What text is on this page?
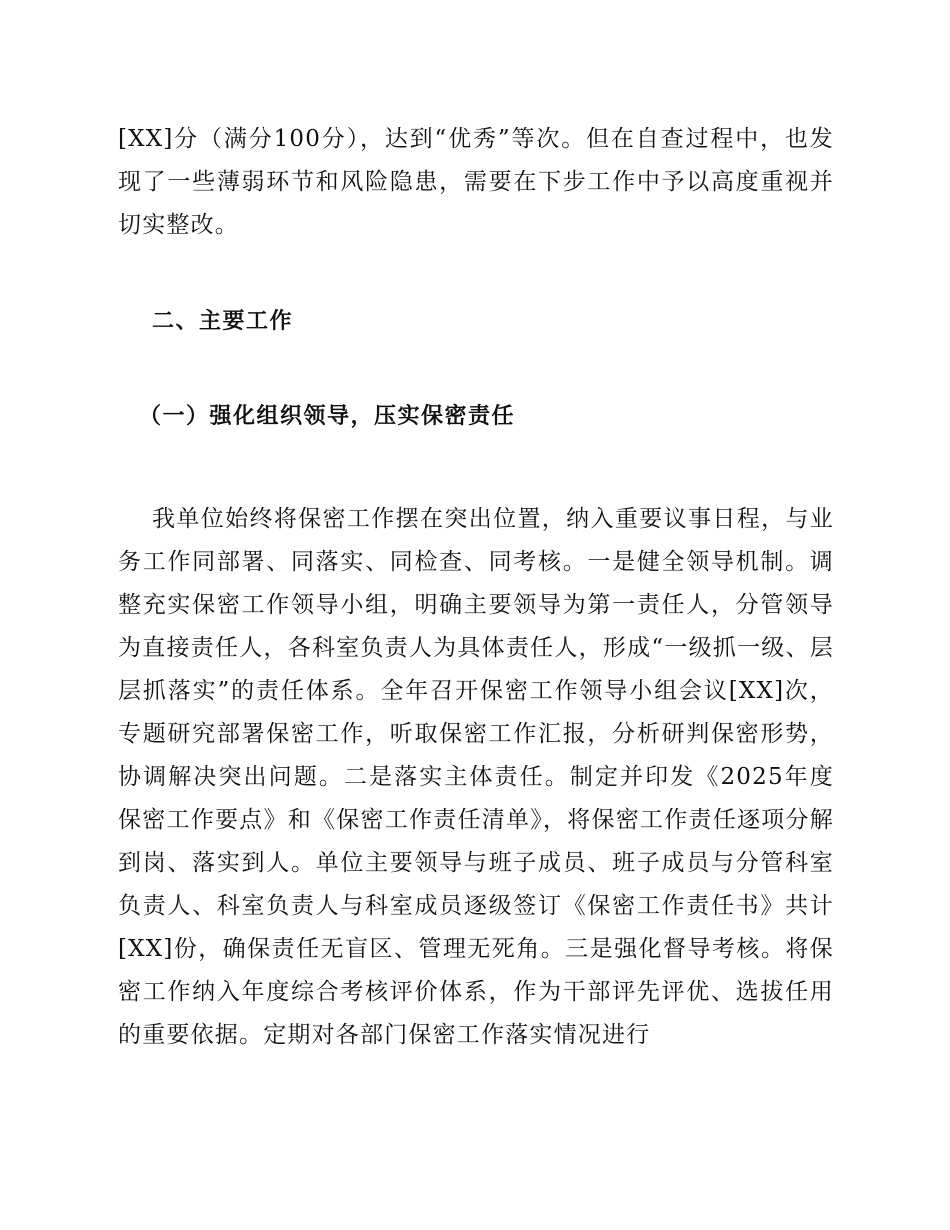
[XX]分（满分100分），达到“优秀”等次。但在自查过程中，也发现了一些薄弱环节和风险隐患，需要在下步工作中予以高度重视并切实整改。

二、主要工作
（一）强化组织领导，压实保密责任

我单位始终将保密工作摆在突出位置，纳入重要议事日程，与业务工作同部署、同落实、同检查、同考核。一是健全领导机制。调整充实保密工作领导小组，明确主要领导为第一责任人，分管领导为直接责任人，各科室负责人为具体责任人，形成“一级抓一级、层层抓落实”的责任体系。全年召开保密工作领导小组会议[XX]次，专题研究部署保密工作，听取保密工作汇报，分析研判保密形势，协调解决突出问题。二是落实主体责任。制定并印发《2025年度保密工作要点》和《保密工作责任清单》，将保密工作责任逐项分解到岗、落实到人。单位主要领导与班子成员、班子成员与分管科室负责人、科室负责人与科室成员逐级签订《保密工作责任书》共计[XX]份，确保责任无盲区、管理无死角。三是强化督导考核。将保密工作纳入年度综合考核评价体系，作为干部评先评优、选拔任用的重要依据。定期对各部门保密工作落实情况进行
